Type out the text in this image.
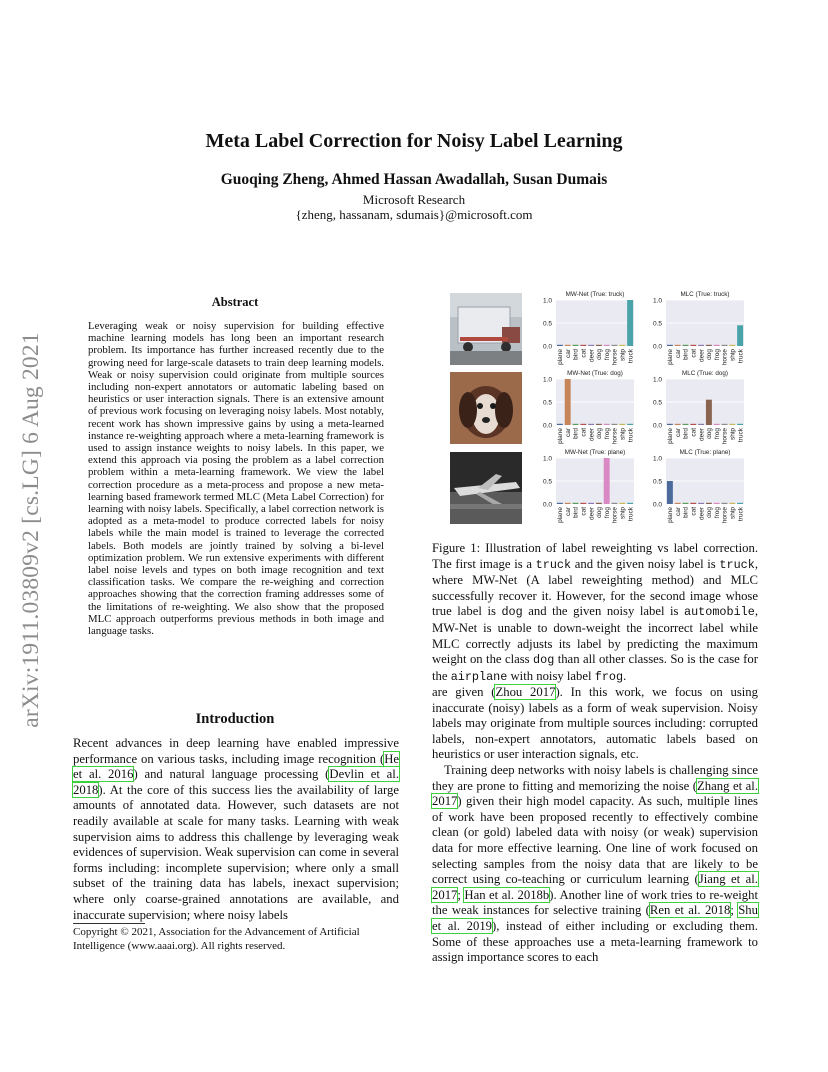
arXiv:1911.03809v2 [cs.LG] 6 Aug 2021
Meta Label Correction for Noisy Label Learning
Guoqing Zheng, Ahmed Hassan Awadallah, Susan Dumais
Microsoft Research
{zheng, hassanam, sdumais}@microsoft.com
Abstract
Leveraging weak or noisy supervision for building effective machine learning models has long been an important research problem. Its importance has further increased recently due to the growing need for large-scale datasets to train deep learning models. Weak or noisy supervision could originate from multiple sources including non-expert annotators or automatic labeling based on heuristics or user interaction signals. There is an extensive amount of previous work focusing on leveraging noisy labels. Most notably, recent work has shown impressive gains by using a meta-learned instance re-weighting approach where a meta-learning framework is used to assign instance weights to noisy labels. In this paper, we extend this approach via posing the problem as a label correction problem within a meta-learning framework. We view the label correction procedure as a meta-process and propose a new meta-learning based framework termed MLC (Meta Label Correction) for learning with noisy labels. Specifically, a label correction network is adopted as a meta-model to produce corrected labels for noisy labels while the main model is trained to leverage the corrected labels. Both models are jointly trained by solving a bi-level optimization problem. We run extensive experiments with different label noise levels and types on both image recognition and text classification tasks. We compare the re-weighing and correction approaches showing that the correction framing addresses some of the limitations of re-weighting. We also show that the proposed MLC approach outperforms previous methods in both image and language tasks.
Introduction
Recent advances in deep learning have enabled impressive performance on various tasks, including image recognition (He et al. 2016) and natural language processing (Devlin et al. 2018). At the core of this success lies the availability of large amounts of annotated data. However, such datasets are not readily available at scale for many tasks. Learning with weak supervision aims to address this challenge by leveraging weak evidences of supervision. Weak supervision can come in several forms including: incomplete supervision; where only a small subset of the training data has labels, inexact supervision; where only coarse-grained annotations are available, and inaccurate supervision; where noisy labels
Copyright © 2021, Association for the Advancement of Artificial Intelligence (www.aaai.org). All rights reserved.
MW-Net (True: truck)
1.0
0.5
0.0
plane car bird cat deer dog frog horse ship truck
MLC (True: truck)
1.0
0.5
0.0
plane car bird cat deer dog frog horse ship truck
MW-Net (True: dog)
1.0
0.5
0.0
plane car bird cat deer dog frog horse ship truck
MLC (True: dog)
1.0
0.5
0.0
plane car bird cat deer dog frog horse ship truck
MW-Net (True: plane)
1.0
0.5
0.0
plane car bird cat deer dog frog horse ship truck
MLC (True: plane)
1.0
0.5
0.0
plane car bird cat deer dog frog horse ship truck
Figure 1: Illustration of label reweighting vs label correction. The first image is a truck and the given noisy label is truck, where MW-Net (A label reweighting method) and MLC successfully recover it. However, for the second image whose true label is dog and the given noisy label is automobile, MW-Net is unable to down-weight the incorrect label while MLC correctly adjusts its label by predicting the maximum weight on the class dog than all other classes. So is the case for the airplane with noisy label frog.
are given (Zhou 2017). In this work, we focus on using inaccurate (noisy) labels as a form of weak supervision. Noisy labels may originate from multiple sources including: corrupted labels, non-expert annotators, automatic labels based on heuristics or user interaction signals, etc.
Training deep networks with noisy labels is challenging since they are prone to fitting and memorizing the noise (Zhang et al. 2017) given their high model capacity. As such, multiple lines of work have been proposed recently to effectively combine clean (or gold) labeled data with noisy (or weak) supervision data for more effective learning. One line of work focused on selecting samples from the noisy data that are likely to be correct using co-teaching or curriculum learning (Jiang et al. 2017; Han et al. 2018b). Another line of work tries to re-weight the weak instances for selective training (Ren et al. 2018; Shu et al. 2019), instead of either including or excluding them. Some of these approaches use a meta-learning framework to assign importance scores to each
